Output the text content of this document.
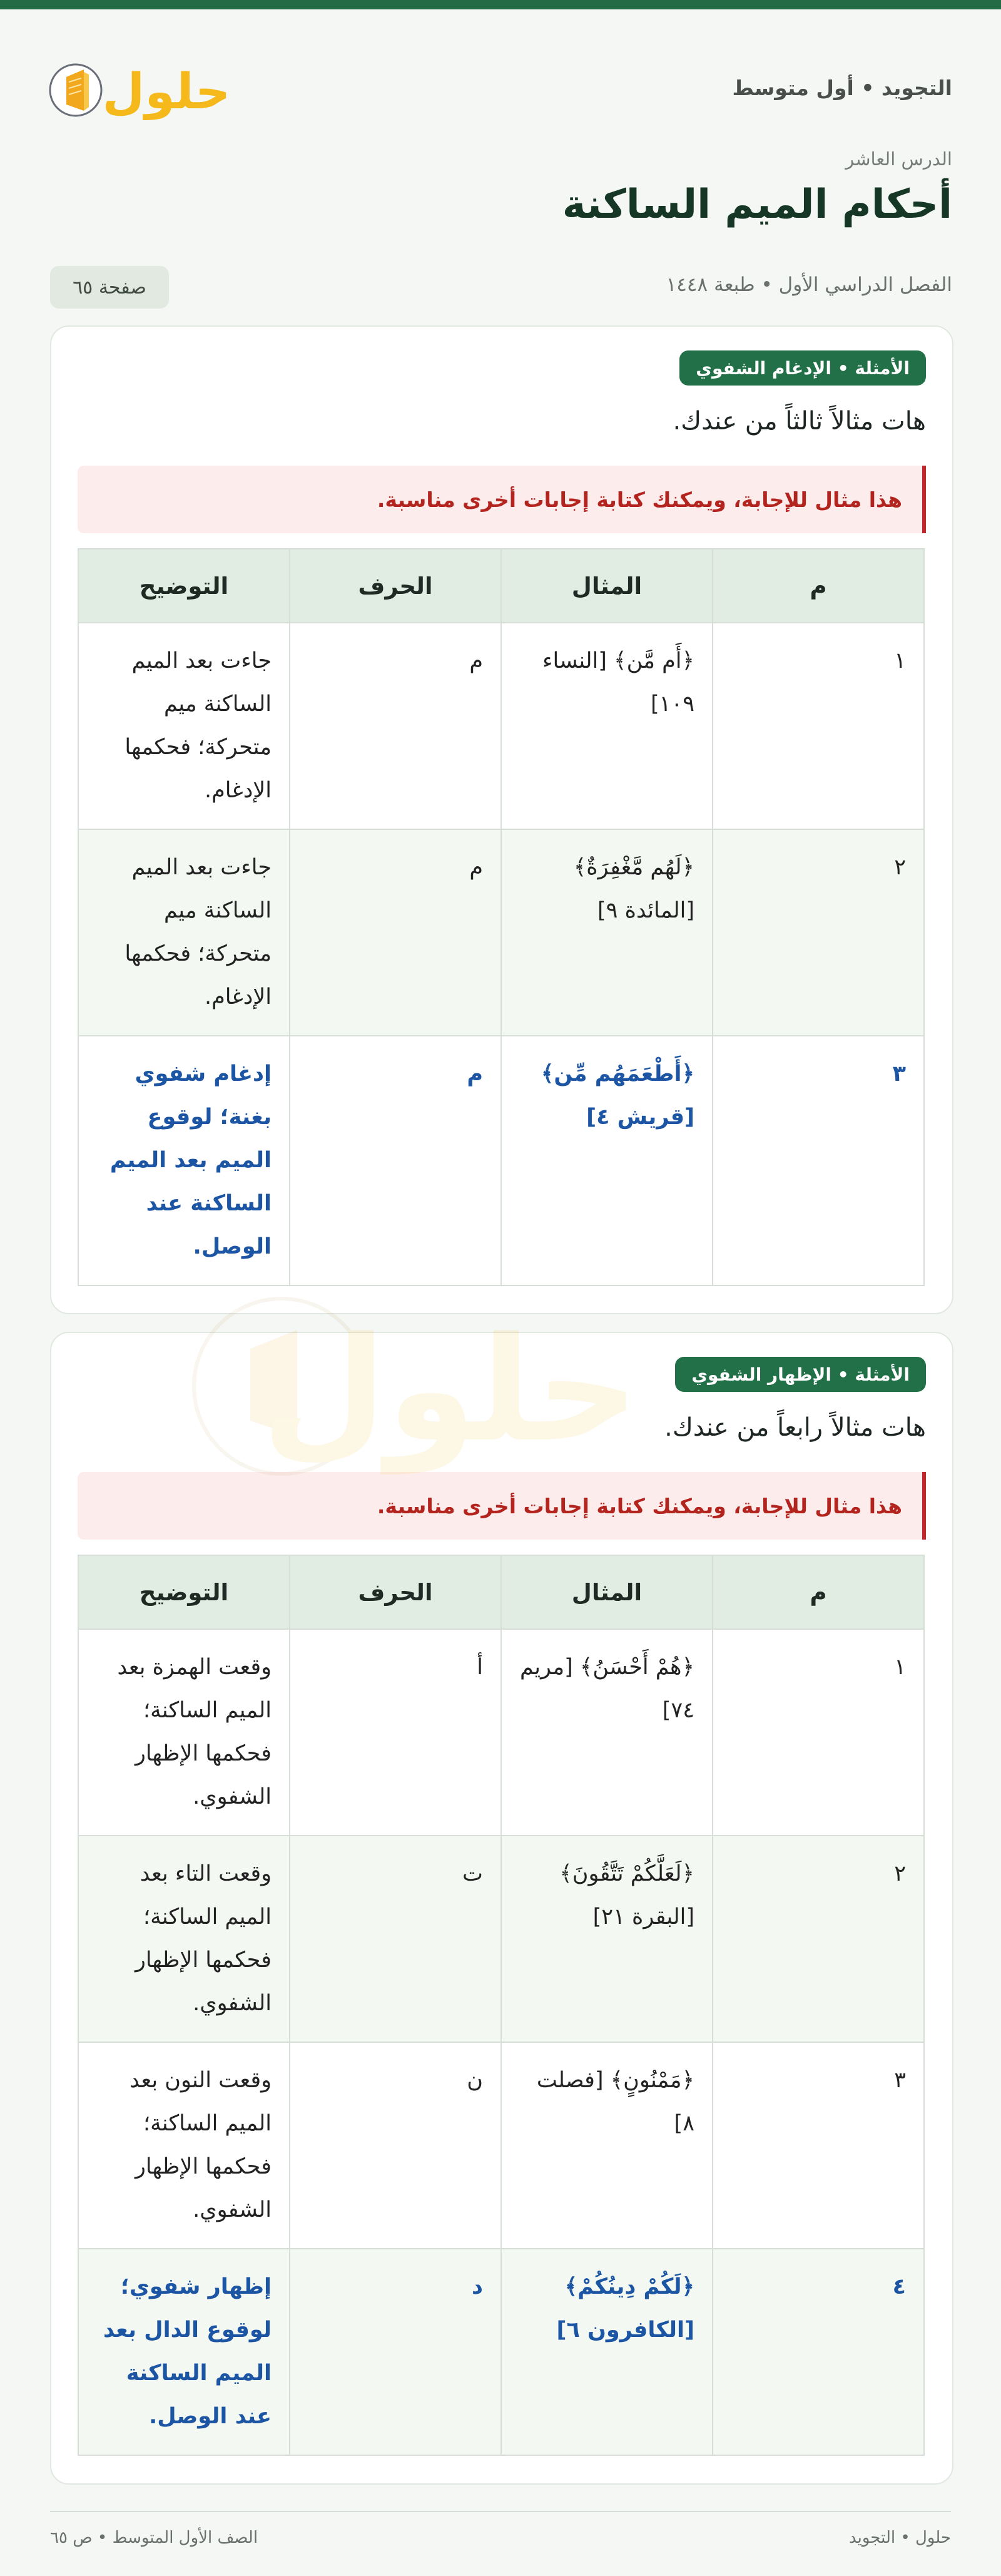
التجويد • أول متوسط
حلول
الدرس العاشر
أحكام الميم الساكنة
الفصل الدراسي الأول • طبعة ١٤٤٨
صفحة ٦٥
الأمثلة • الإدغام الشفوي
هات مثالاً ثالثاً من عندك.
هذا مثال للإجابة، ويمكنك كتابة إجابات أخرى مناسبة.
م	المثال	الحرف	التوضيح
١	﴿أَم مَّن﴾ [النساء ١٠٩]	م	جاءت بعد الميم الساكنة ميم متحركة؛ فحكمها الإدغام.
٢	﴿لَهُم مَّغْفِرَةٌ﴾ [المائدة ٩]	م	جاءت بعد الميم الساكنة ميم متحركة؛ فحكمها الإدغام.
٣	﴿أَطْعَمَهُم مِّن﴾ [قريش ٤]	م	إدغام شفوي بغنة؛ لوقوع الميم بعد الميم الساكنة عند الوصل.
الأمثلة • الإظهار الشفوي
هات مثالاً رابعاً من عندك.
هذا مثال للإجابة، ويمكنك كتابة إجابات أخرى مناسبة.
م	المثال	الحرف	التوضيح
١	﴿هُمْ أَحْسَنُ﴾ [مريم ٧٤]	أ	وقعت الهمزة بعد الميم الساكنة؛ فحكمها الإظهار الشفوي.
٢	﴿لَعَلَّكُمْ تَتَّقُونَ﴾ [البقرة ٢١]	ت	وقعت التاء بعد الميم الساكنة؛ فحكمها الإظهار الشفوي.
٣	﴿مَمْنُونٍ﴾ [فصلت ٨]	ن	وقعت النون بعد الميم الساكنة؛ فحكمها الإظهار الشفوي.
٤	﴿لَكُمْ دِينُكُمْ﴾ [الكافرون ٦]	د	إظهار شفوي؛ لوقوع الدال بعد الميم الساكنة عند الوصل.
الصف الأول المتوسط • ص ٦٥	حلول • التجويد
